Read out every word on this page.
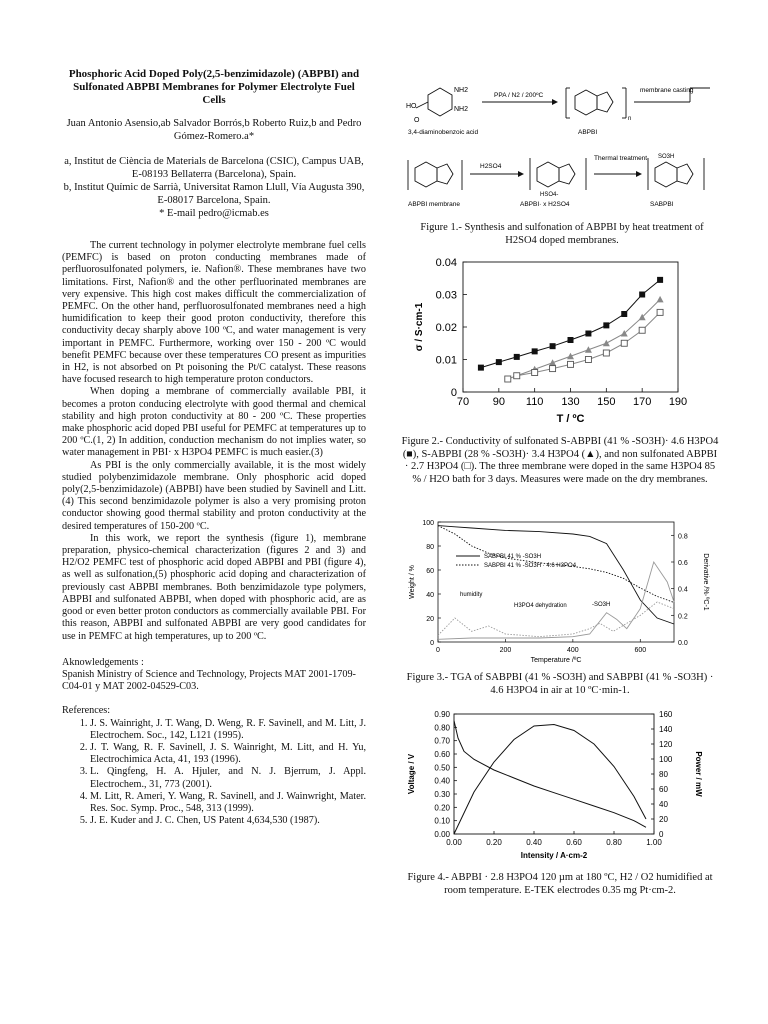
Phosphoric Acid Doped Poly(2,5-benzimidazole) (ABPBI) and Sulfonated ABPBI Membranes for Polymer Electrolyte Fuel Cells
Juan Antonio Asensio,ab Salvador Borrós,b Roberto Ruiz,b and Pedro Gómez-Romero.a*
a, Institut de Ciència de Materials de Barcelona (CSIC), Campus UAB, E-08193 Bellaterra (Barcelona), Spain.
b, Institut Químic de Sarrià, Universitat Ramon Llull, Vía Augusta 390, E-08017 Barcelona, Spain.
* E-mail pedro@icmab.es

The current technology in polymer electrolyte membrane fuel cells (PEMFC) is based on proton conducting membranes made of perfluorosulfonated polymers, ie. Nafion®. These membranes have two limitations. First, Nafion® and the other perfluorinated membranes are very expensive. This high cost makes difficult the commercialization of PEMFC. On the other hand, perfluorosulfonated membranes need a high humidification to keep their good proton conductivity, therefore this conductivity decay sharply above 100 ºC, and water management is very important in PEMFC. Furthermore, working over 150 - 200 ºC would benefit PEMFC because over these temperatures CO present as impurities in H2, is not absorbed on Pt poisoning the Pt/C catalyst. These reasons have focused research to high temperature proton conductors.

When doping a membrane of commercially available PBI, it becomes a proton conducing electrolyte with good thermal and chemical stability and high proton conductivity at 80 - 200 ºC. These properties make phosphoric acid doped PBI useful for PEMFC at temperatures up to 200 ºC.(1, 2) In addition, conduction mechanism do not implies water, so water management in PBI· x H3PO4 PEMFC is much easier.(3)

As PBI is the only commercially available, it is the most widely studied polybenzimidazole membrane. Only phosphoric acid doped poly(2,5-benzimidazole) (ABPBI) have been studied by Savinell and Litt.(4) This second benzimidazole polymer is also a very promising proton conductor showing good thermal stability and proton conductivity at the desired temperatures of 150-200 ºC.

In this work, we report the synthesis (figure 1), membrane preparation, physico-chemical characterization (figures 2 and 3) and H2/O2 PEMFC test of phosphoric acid doped ABPBI and PBI (figure 4), as well as sulfonation,(5) phosphoric acid doping and characterization of previously cast ABPBI membranes. Both benzimidazole type polymers, ABPBI and sulfonated ABPBI, when doped with phosphoric acid, are as good or even better proton conductors as commercially available PBI. For this reason, ABPBI and sulfonated ABPBI are very good candidates for use in PEMFC at high temperatures, up to 200 ºC.

Aknowledgements :
Spanish Ministry of Science and Technology, Projects MAT 2001-1709-C04-01 y MAT 2002-04529-C03.
References:
1. J. S. Wainright, J. T. Wang, D. Weng, R. F. Savinell, and M. Litt, J. Electrochem. Soc., 142, L121 (1995).
2. J. T. Wang, R. F. Savinell, J. S. Wainright, M. Litt, and H. Yu, Electrochimica Acta, 41, 193 (1996).
3. L. Qingfeng, H. A. Hjuler, and N. J. Bjerrum, J. Appl. Electrochem., 31, 773 (2001).
4. M. Litt, R. Ameri, Y. Wang, R. Savinell, and J. Wainwright, Mater. Res. Soc. Symp. Proc., 548, 313 (1999).
5. J. E. Kuder and J. C. Chen, US Patent 4,634,530 (1987).
NH2
NH2
HO
O
PPA / N2 / 200ºC
n
ABPBI
3,4-diaminobenzoic acid
membrane casting
H2SO4
HSO4-
Thermal treatment SO3H
ABPBI membrane	ABPBI· x H2SO4	SABPBI
Figure 1.- Synthesis and sulfonation of ABPBI by heat treatment of H2SO4 doped membranes.
70 90 110 130 150 170 190
0
0.01
0.02
0.03
0.04
T / ºC
σ / S·cm-1
Figure 2.- Conductivity of sulfonated S-ABPBI (41 % -SO3H)· 4.6 H3PO4 (■), S-ABPBI (28 % -SO3H)· 3.4 H3PO4 (▲), and non sulfonated ABPBI · 2.7 H3PO4 (□). The three membrane were doped in the same H3PO4 85 % / H2O bath for 3 days. Measures were made on the dry membranes.
0	200	400	600
0
20
40
60
80
100
0.0
0.2
0.4
0.6
0.8
Temperature /ºC
Weight / %	Derivative /%·ºC-1
SABPBI 41 % -SO3H
SABPBI 41 % -SO3H · 4.6 H3PO4
humidity
H3PO4 dehydration	-SO3H
Figure 3.- TGA of SABPBI (41 % -SO3H) and SABPBI (41 % -SO3H) · 4.6 H3PO4 in air at 10 ºC·min-1.
0.00	0.20	0.40	0.60	0.80	1.00
0.00
0.10
0.20
0.30
0.40
0.50
0.60
0.70
0.80
0.90
0
20
40
60
80
100
120
140
160
Intensity / A·cm-2
Voltage / V	Power / mW
Figure 4.- ABPBI · 2.8 H3PO4 120 µm at 180 ºC, H2 / O2 humidified at room temperature. E-TEK electrodes 0.35 mg Pt·cm-2.
